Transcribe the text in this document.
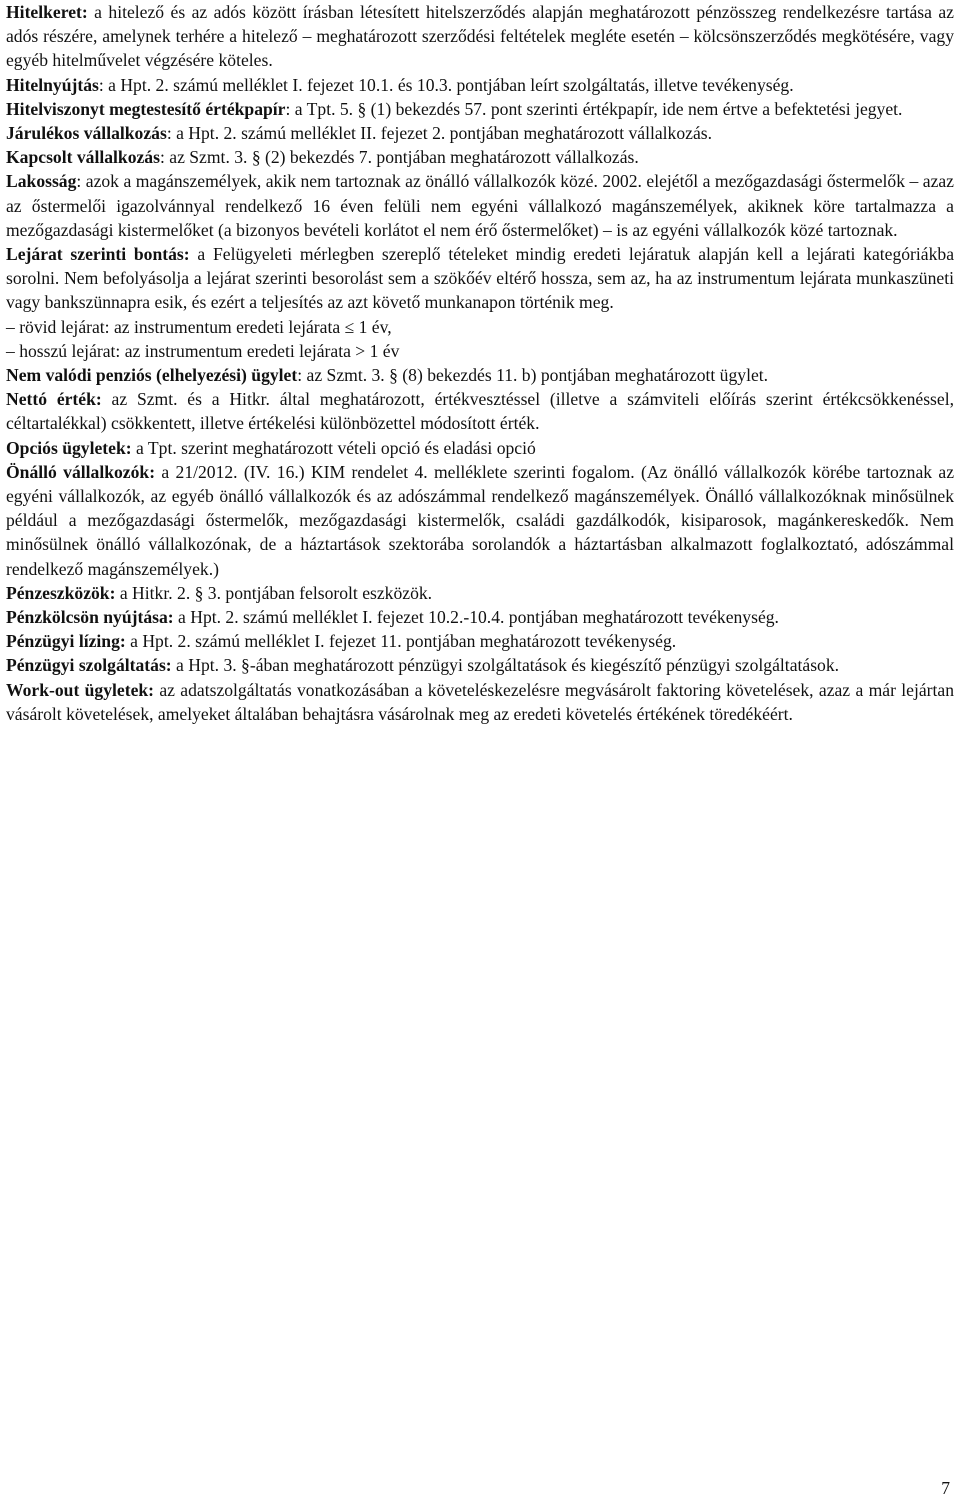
Hitelkeret: a hitelező és az adós között írásban létesített hitelszerződés alapján meghatározott pénzösszeg rendelkezésre tartása az adós részére, amelynek terhére a hitelező – meghatározott szerződési feltételek megléte esetén – kölcsönszerződés megkötésére, vagy egyéb hitelművelet végzésére köteles.

Hitelnyújtás: a Hpt. 2. számú melléklet I. fejezet 10.1. és 10.3. pontjában leírt szolgáltatás, illetve tevékenység.

Hitelviszonyt megtestesítő értékpapír: a Tpt. 5. § (1) bekezdés 57. pont szerinti értékpapír, ide nem értve a befektetési jegyet.

Járulékos vállalkozás: a Hpt. 2. számú melléklet II. fejezet 2. pontjában meghatározott vállalkozás.

Kapcsolt vállalkozás: az Szmt. 3. § (2) bekezdés 7. pontjában meghatározott vállalkozás.

Lakosság: azok a magánszemélyek, akik nem tartoznak az önálló vállalkozók közé. 2002. elejétől a mezőgazdasági őstermelők – azaz az őstermelői igazolvánnyal rendelkező 16 éven felüli nem egyéni vállalkozó magánszemélyek, akiknek köre tartalmazza a mezőgazdasági kistermelőket (a bizonyos bevételi korlátot el nem érő őstermelőket) – is az egyéni vállalkozók közé tartoznak.

Lejárat szerinti bontás: a Felügyeleti mérlegben szereplő tételeket mindig eredeti lejáratuk alapján kell a lejárati kategóriákba sorolni. Nem befolyásolja a lejárat szerinti besorolást sem a szökőév eltérő hossza, sem az, ha az instrumentum lejárata munkaszüneti vagy bankszünnapra esik, és ezért a teljesítés az azt követő munkanapon történik meg.

– rövid lejárat: az instrumentum eredeti lejárata ≤ 1 év,

– hosszú lejárat: az instrumentum eredeti lejárata > 1 év

Nem valódi penziós (elhelyezési) ügylet: az Szmt. 3. § (8) bekezdés 11. b) pontjában meghatározott ügylet.

Nettó érték: az Szmt. és a Hitkr. által meghatározott, értékvesztéssel (illetve a számviteli előírás szerint értékcsökkenéssel, céltartalékkal) csökkentett, illetve értékelési különbözettel módosított érték.

Opciós ügyletek: a Tpt. szerint meghatározott vételi opció és eladási opció

Önálló vállalkozók: a 21/2012. (IV. 16.) KIM rendelet 4. melléklete szerinti fogalom. (Az önálló vállalkozók körébe tartoznak az egyéni vállalkozók, az egyéb önálló vállalkozók és az adószámmal rendelkező magánszemélyek. Önálló vállalkozóknak minősülnek például a mezőgazdasági őstermelők, mezőgazdasági kistermelők, családi gazdálkodók, kisiparosok, magánkereskedők. Nem minősülnek önálló vállalkozónak, de a háztartások szektorába sorolandók a háztartásban alkalmazott foglalkoztató, adószámmal rendelkező magánszemélyek.)

Pénzeszközök: a Hitkr. 2. § 3. pontjában felsorolt eszközök.

Pénzkölcsön nyújtása: a Hpt. 2. számú melléklet I. fejezet 10.2.-10.4. pontjában meghatározott tevékenység.

Pénzügyi lízing: a Hpt. 2. számú melléklet I. fejezet 11. pontjában meghatározott tevékenység.

Pénzügyi szolgáltatás: a Hpt. 3. §-ában meghatározott pénzügyi szolgáltatások és kiegészítő pénzügyi szolgáltatások.

Work-out ügyletek: az adatszolgáltatás vonatkozásában a követeléskezelésre megvásárolt faktoring követelések, azaz a már lejártan vásárolt követelések, amelyeket általában behajtásra vásárolnak meg az eredeti követelés értékének töredékéért.

7
